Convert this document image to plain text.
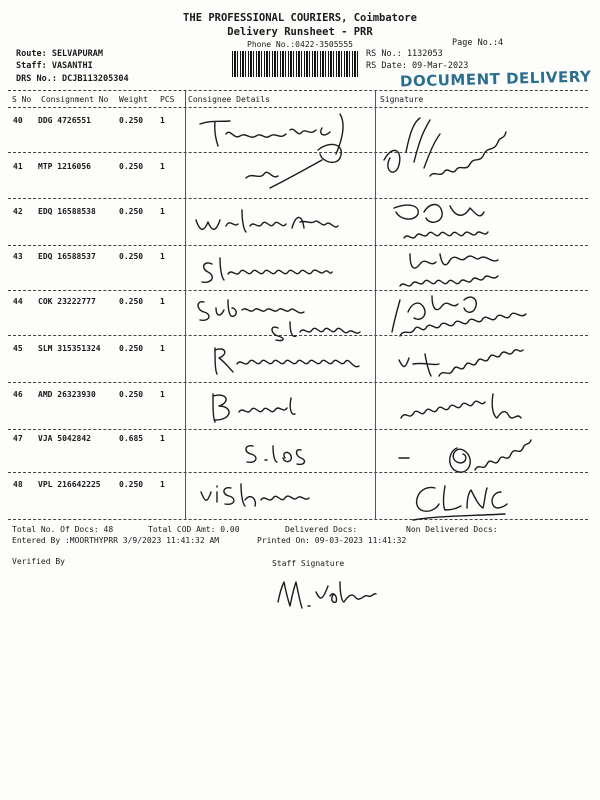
THE PROFESSIONAL COURIERS, Coimbatore
Delivery Runsheet - PRR
Phone No.:0422-3505555	Page No.:4
Route: SELVAPURAM
Staff: VASANTHI
DRS No.: DCJB113205304
RS No.: 1132053
RS Date: 09-Mar-2023
DOCUMENT DELIVERY
S No Consignment No Weight PCS Consignee Details	Signature
40 DDG 4726551	0.250 1
41 MTP 1216056	0.250 1
42 EDQ 16588538	0.250 1
43 EDQ 16588537	0.250 1
44 COK 23222777	0.250 1
45 SLM 315351324 0.250 1
46 AMD 26323930	0.250 1
47 VJA 5042842	0.685 1
48 VPL 216642225 0.250 1
Total No. Of Docs: 48	Total COD Amt: 0.00	Delivered Docs:	Non Delivered Docs:
Entered By :MOORTHYPRR 3/9/2023 11:41:32 AM	Printed On: 09-03-2023 11:41:32
Verified By	Staff Signature
